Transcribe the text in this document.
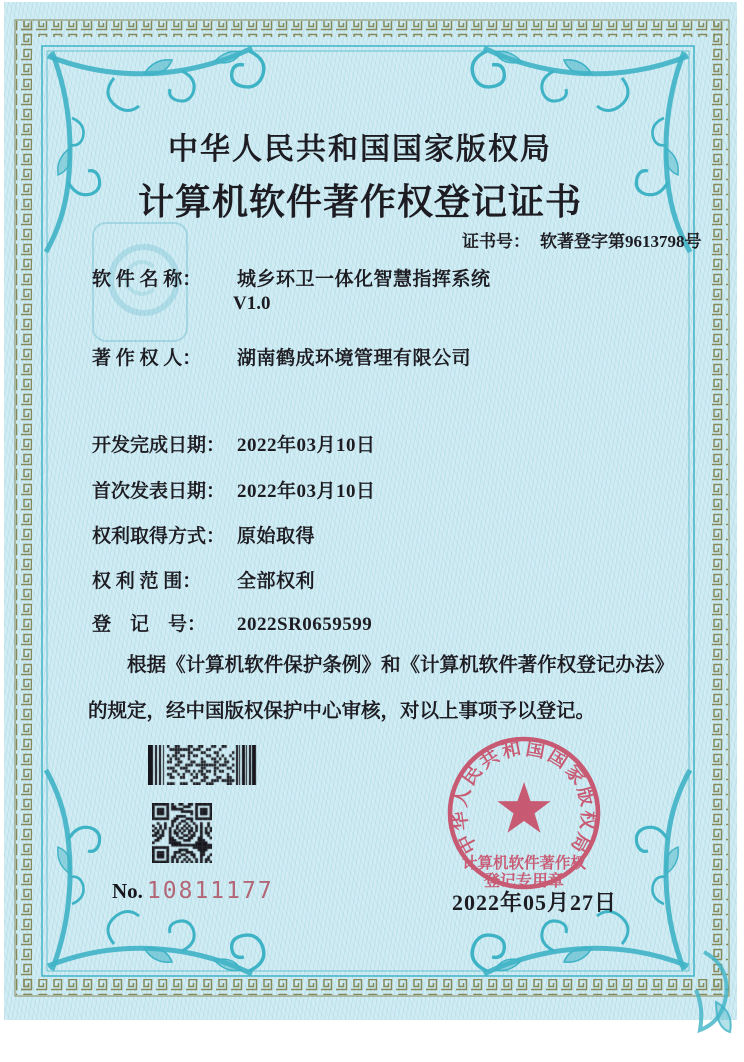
中华人民共和国国家版权局
计算机软件著作权登记证书
证书号： 软著登字第9613798号
软 件 名 称： 城乡环卫一体化智慧指挥系统
V1.0
著 作 权 人： 湖南鹤成环境管理有限公司
开发完成日期： 2022年03月10日
首次发表日期： 2022年03月10日
权利取得方式： 原始取得
权 利 范 围： 全部权利
登　记　号： 2022SR0659599
根据《计算机软件保护条例》和《计算机软件著作权登记办法》的规定，经中国版权保护中心审核，对以上事项予以登记。
No. 10811177
中华人民共和国国家版权局
计算机软件著作权
登记专用章
2022年05月27日
